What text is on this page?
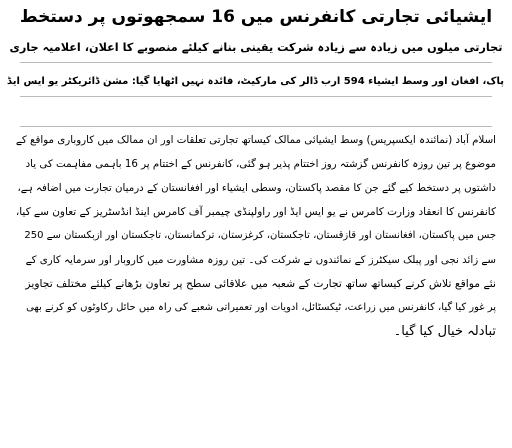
ایشیائی تجارتی کانفرنس میں 16 سمجھوتوں پر دستخط
تجارتی میلوں میں زیادہ سے زیادہ شرکت یقینی بنانے کیلئے منصوبے کا اعلان، اعلامیہ جاری
پاک، افغان اور وسط ایشیاء 594 ارب ڈالر کی مارکیٹ، فائدہ نہیں اٹھایا گیا: مشن ڈائریکٹر یو ایس ایڈ
اسلام آباد (نمائندہ ایکسپریس) وسط ایشیائی ممالک کیساتھ تجارتی تعلقات اور ان ممالک میں کاروباری مواقع کے
موضوع پر تین روزہ کانفرنس گزشتہ روز اختتام پذیر ہو گئی، کانفرنس کے اختتام پر 16 باہمی مفاہمت کی یاد
داشتوں پر دستخط کیے گئے جن کا مقصد پاکستان، وسطی ایشیاء اور افغانستان کے درمیان تجارت میں اضافہ ہے،
کانفرنس کا انعقاد وزارت کامرس نے یو ایس ایڈ اور راولپنڈی چیمبر آف کامرس اینڈ انڈسٹریز کے تعاون سے کیا،
جس میں پاکستان، افغانستان اور قازقستان، تاجکستان، کرغزستان، ترکمانستان، تاجکستان اور ازبکستان سے 250
سے زائد نجی اور پبلک سیکٹرز کے نمائندوں نے شرکت کی۔ تین روزہ مشاورت میں کاروبار اور سرمایہ کاری کے
نئے مواقع تلاش کرنے کیساتھ ساتھ تجارت کے شعبہ میں علاقائی سطح پر تعاون بڑھانے کیلئے مختلف تجاویز
پر غور کیا گیا، کانفرنس میں زراعت، ٹیکسٹائل، ادویات اور تعمیراتی شعبے کی راہ میں حائل رکاوٹوں کو کرنے بھی
تبادلہ خیال کیا گیا۔
